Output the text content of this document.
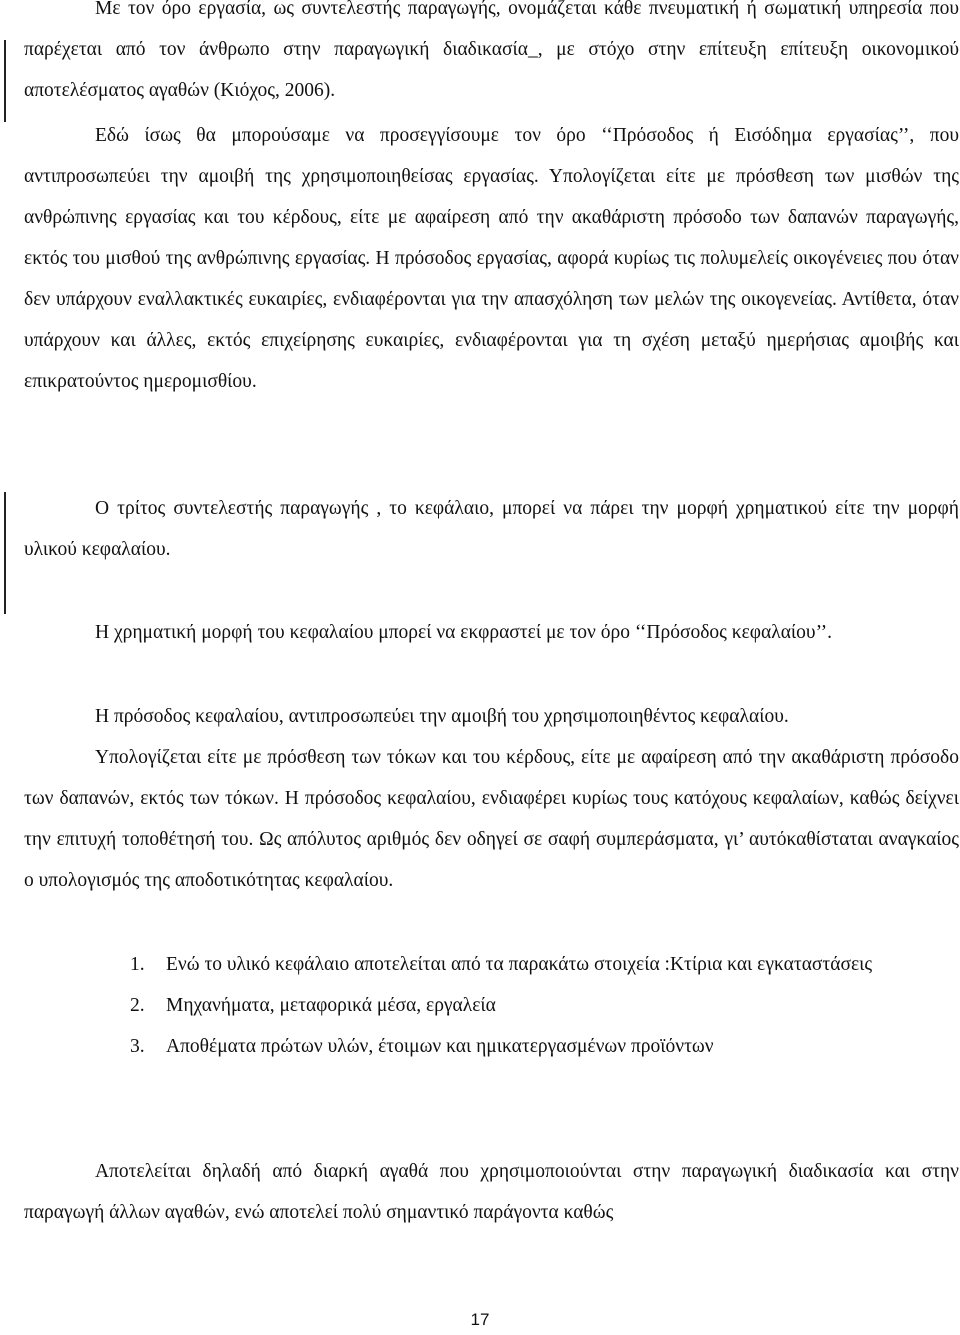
Με τον όρο εργασία, ως συντελεστής παραγωγής, ονομάζεται κάθε πνευματική ή σωματική υπηρεσία που παρέχεται από τον άνθρωπο στην παραγωγική διαδικασία_, με στόχο στην επίτευξη επίτευξη οικονομικού αποτελέσματος αγαθών (Κιόχος, 2006).

Εδώ ίσως θα μπορούσαμε να προσεγγίσουμε τον όρο ‘‘Πρόσοδος ή Εισόδημα εργασίας’’, που αντιπροσωπεύει την αμοιβή της χρησιμοποιηθείσας εργασίας. Υπολογίζεται είτε με πρόσθεση των μισθών της ανθρώπινης εργασίας και του κέρδους, είτε με αφαίρεση από την ακαθάριστη πρόσοδο των δαπανών παραγωγής, εκτός του μισθού της ανθρώπινης εργασίας. Η πρόσοδος εργασίας, αφορά κυρίως τις πολυμελείς οικογένειες που όταν δεν υπάρχουν εναλλακτικές ευκαιρίες, ενδιαφέρονται για την απασχόληση των μελών της οικογενείας. Αντίθετα, όταν υπάρχουν και άλλες, εκτός επιχείρησης ευκαιρίες, ενδιαφέρονται για τη σχέση μεταξύ ημερήσιας αμοιβής και επικρατούντος ημερομισθίου.

Ο τρίτος συντελεστής παραγωγής , το κεφάλαιο, μπορεί να πάρει την μορφή χρηματικού είτε την μορφή υλικού κεφαλαίου.

Η χρηματική μορφή του κεφαλαίου μπορεί να εκφραστεί με τον όρο ‘‘Πρόσοδος κεφαλαίου’’.

Η πρόσοδος κεφαλαίου, αντιπροσωπεύει την αμοιβή του χρησιμοποιηθέντος κεφαλαίου.

Υπολογίζεται είτε με πρόσθεση των τόκων και του κέρδους, είτε με αφαίρεση από την ακαθάριστη πρόσοδο των δαπανών, εκτός των τόκων. Η πρόσοδος κεφαλαίου, ενδιαφέρει κυρίως τους κατόχους κεφαλαίων, καθώς δείχνει την επιτυχή τοποθέτησή του. Ως απόλυτος αριθμός δεν οδηγεί σε σαφή συμπεράσματα, γι’ αυτόκαθίσταται αναγκαίος ο υπολογισμός της αποδοτικότητας κεφαλαίου.

1. Ενώ το υλικό κεφάλαιο αποτελείται από τα παρακάτω στοιχεία :Κτίρια και εγκαταστάσεις
2. Μηχανήματα, μεταφορικά μέσα, εργαλεία
3. Αποθέματα πρώτων υλών, έτοιμων και ημικατεργασμένων προϊόντων

Αποτελείται δηλαδή από διαρκή αγαθά που χρησιμοποιούνται στην παραγωγική διαδικασία και στην παραγωγή άλλων αγαθών, ενώ αποτελεί πολύ σημαντικό παράγοντα καθώς

17
